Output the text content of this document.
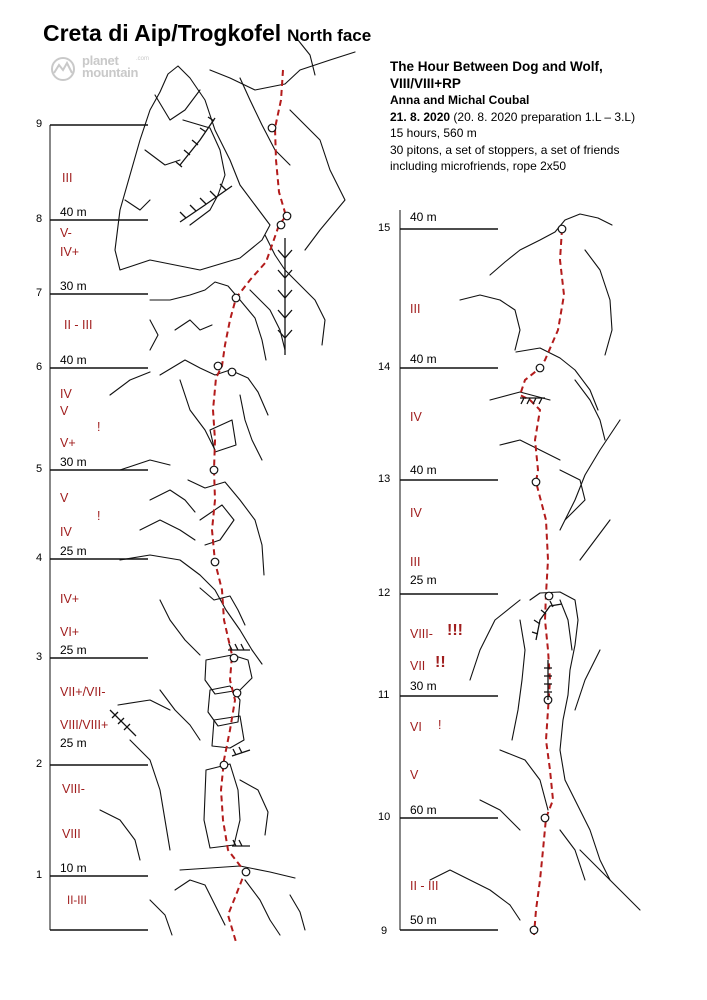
Creta di Aip/Trogkofel North face
planet
mountain
.com	The Hour Between Dog and Wolf,
VIII/VIII+RP
Anna and Michal Coubal
21. 8. 2020 (20. 8. 2020 preparation 1.L – 3.L)
15 hours, 560 m
30 pitons, a set of stoppers, a set of friends
including microfriends, rope 2x50
9
8
7
6
5
4
3
2
1
40 m
30 m
40 m
30 m
25 m
25 m
25 m
10 m
III
V-
IV+
II - III
IV
V
!
V+
V
!
IV
IV+
VI+
VII+/VII-
VIII/VIII+
VIII-
VIII
II-III
15
14
13
12
11
10
9
40 m
40 m
40 m
25 m
30 m
60 m
50 m
III
IV
IV
III
VIII- !!!
VII !!
VI !
V
II - III
